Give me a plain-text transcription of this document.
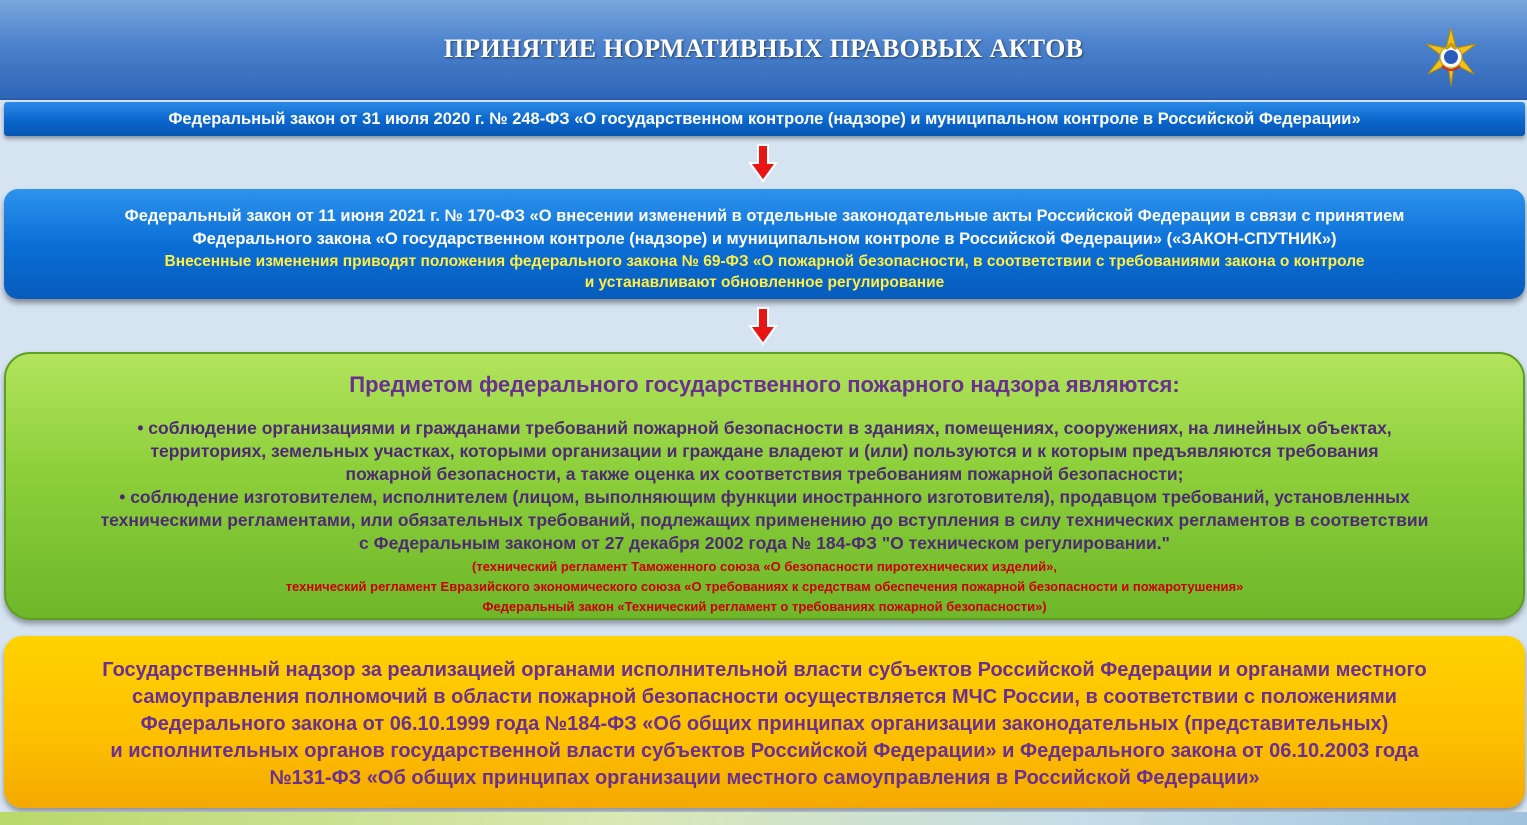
ПРИНЯТИЕ НОРМАТИВНЫХ ПРАВОВЫХ АКТОВ
Федеральный закон от 31 июля 2020 г. № 248-ФЗ «О государственном контроле (надзоре) и муниципальном контроле в Российской Федерации»
Федеральный закон от 11 июня 2021 г. № 170-ФЗ «О внесении изменений в отдельные законодательные акты Российской Федерации в связи с принятием
Федерального закона «О государственном контроле (надзоре) и муниципальном контроле в Российской Федерации» («ЗАКОН-СПУТНИК»)
Внесенные изменения приводят положения федерального закона № 69-ФЗ «О пожарной безопасности, в соответствии с требованиями закона о контроле
и устанавливают обновленное регулирование
Предметом федерального государственного пожарного надзора являются:
• соблюдение организациями и гражданами требований пожарной безопасности в зданиях, помещениях, сооружениях, на линейных объектах,
территориях, земельных участках, которыми организации и граждане владеют и (или) пользуются и к которым предъявляются требования
пожарной безопасности, а также оценка их соответствия требованиям пожарной безопасности;
• соблюдение изготовителем, исполнителем (лицом, выполняющим функции иностранного изготовителя), продавцом требований, установленных
техническими регламентами, или обязательных требований, подлежащих применению до вступления в силу технических регламентов в соответствии
с Федеральным законом от 27 декабря 2002 года № 184-ФЗ "О техническом регулировании."
(технический регламент Таможенного союза «О безопасности пиротехнических изделий»,
технический регламент Евразийского экономического союза «О требованиях к средствам обеспечения пожарной безопасности и пожаротушения»
Федеральный закон «Технический регламент о требованиях пожарной безопасности»)
Государственный надзор за реализацией органами исполнительной власти субъектов Российской Федерации и органами местного
самоуправления полномочий в области пожарной безопасности осуществляется МЧС России, в соответствии с положениями
Федерального закона от 06.10.1999 года №184-ФЗ «Об общих принципах организации законодательных (представительных)
и исполнительных органов государственной власти субъектов Российской Федерации» и Федерального закона от 06.10.2003 года
№131-ФЗ «Об общих принципах организации местного самоуправления в Российской Федерации»
